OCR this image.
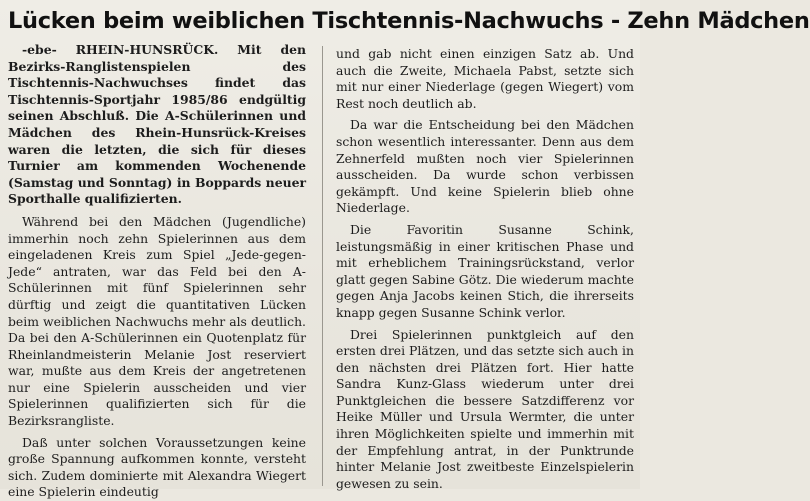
Lücken beim weiblichen Tischtennis-Nachwuchs - Zehn Mädchen

-ebe- RHEIN-HUNSRÜCK. Mit den Bezirks-Ranglistenspielen des Tischtennis-Nachwuchses findet das Tischtennis-Sportjahr 1985/86 endgültig seinen Abschluß. Die A-Schülerinnen und Mädchen des Rhein-Hunsrück-Kreises waren die letzten, die sich für dieses Turnier am kommenden Wochenende (Samstag und Sonntag) in Boppards neuer Sporthalle qualifizierten.

Während bei den Mädchen (Jugendliche) immerhin noch zehn Spielerinnen aus dem eingeladenen Kreis zum Spiel „Jede-gegen-Jede“ antraten, war das Feld bei den A-Schülerinnen mit fünf Spielerinnen sehr dürftig und zeigt die quantitativen Lücken beim weiblichen Nachwuchs mehr als deutlich. Da bei den A-Schülerinnen ein Quotenplatz für Rheinlandmeisterin Melanie Jost reserviert war, mußte aus dem Kreis der angetretenen nur eine Spielerin ausscheiden und vier Spielerinnen qualifizierten sich für die Bezirksrangliste.

Daß unter solchen Voraussetzungen keine große Spannung aufkommen konnte, versteht sich. Zudem dominierte mit Alexandra Wiegert eine Spielerin eindeutig

und gab nicht einen einzigen Satz ab. Und auch die Zweite, Michaela Pabst, setzte sich mit nur einer Niederlage (gegen Wiegert) vom Rest noch deutlich ab.

Da war die Entscheidung bei den Mädchen schon wesentlich interessanter. Denn aus dem Zehnerfeld mußten noch vier Spielerinnen ausscheiden. Da wurde schon verbissen gekämpft. Und keine Spielerin blieb ohne Niederlage.

Die Favoritin Susanne Schink, leistungsmäßig in einer kritischen Phase und mit erheblichem Trainingsrückstand, verlor glatt gegen Sabine Götz. Die wiederum machte gegen Anja Jacobs keinen Stich, die ihrerseits knapp gegen Susanne Schink verlor.

Drei Spielerinnen punktgleich auf den ersten drei Plätzen, und das setzte sich auch in den nächsten drei Plätzen fort. Hier hatte Sandra Kunz-Glass wiederum unter drei Punktgleichen die bessere Satzdifferenz vor Heike Müller und Ursula Wermter, die unter ihren Möglichkeiten spielte und immerhin mit der Empfehlung antrat, in der Punktrunde hinter Melanie Jost zweitbeste Einzelspielerin gewesen zu sein.
